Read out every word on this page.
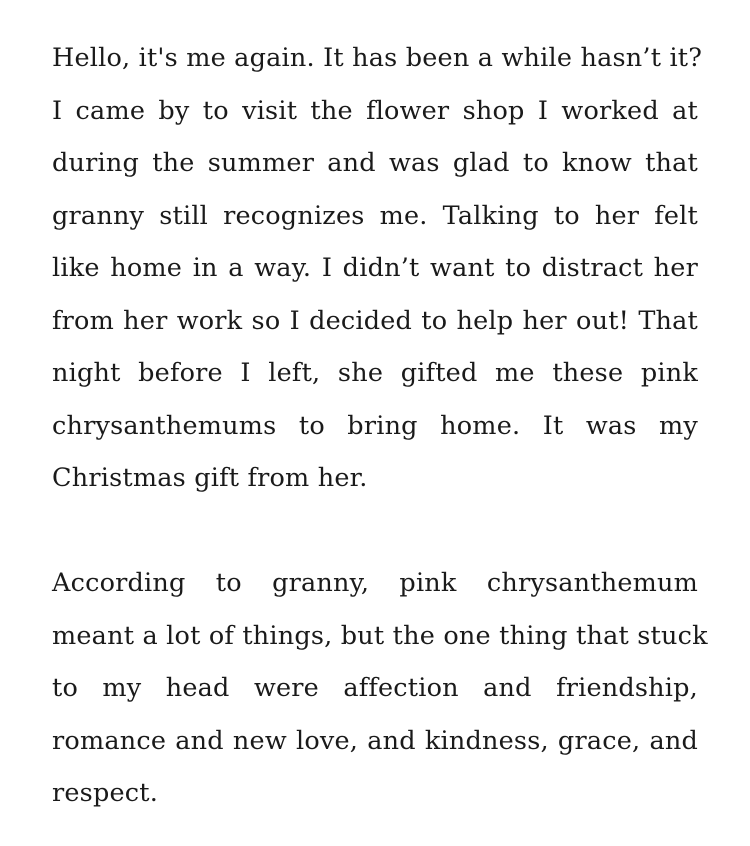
Hello, it's me again. It has been a while hasn’t it?
I came by to visit the flower shop I worked at
during the summer and was glad to know that
granny still recognizes me. Talking to her felt
like home in a way. I didn’t want to distract her
from her work so I decided to help her out! That
night before I left, she gifted me these pink
chrysanthemums to bring home. It was my
Christmas gift from her.

According to granny, pink chrysanthemum
meant a lot of things, but the one thing that stuck
to my head were affection and friendship,
romance and new love, and kindness, grace, and
respect.
